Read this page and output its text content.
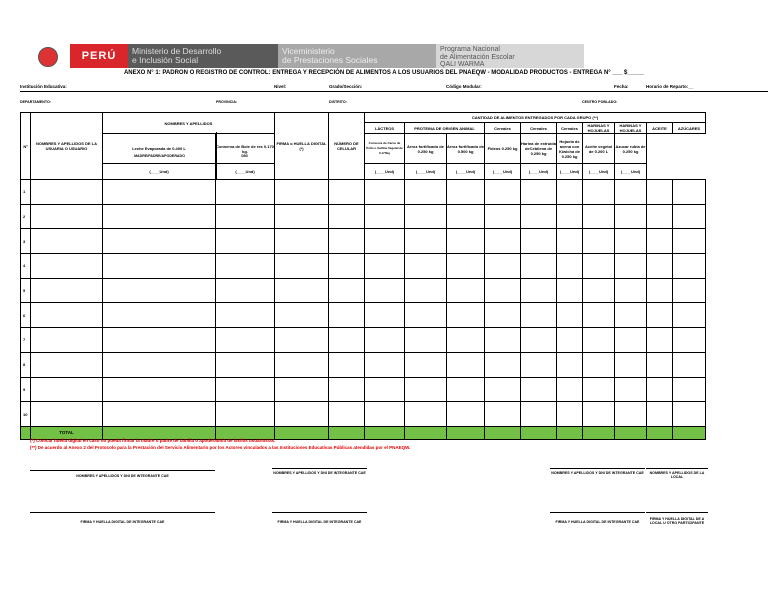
PERÚ	Ministerio de Desarrollo
e Inclusión Social
Viceministerio
de Prestaciones Sociales
Programa Nacional
de Alimentación Escolar
QALI WARMA
ANEXO N° 1: PADRON O REGISTRO DE CONTROL: ENTREGA Y RECEPCIÓN DE ALIMENTOS A LOS USUARIOS DEL PNAEQW - MODALIDAD PRODUCTOS - ENTREGA N° ___ $_____
Institución Educativa:	Nivel:	Grado/Sección:	Código Modular:	Fecha:	Horario de Reparto:__
DEPARTAMENTO:	PROVINCIA:	DISTRITO:	CENTRO POBLADO:
Nº	NOMBRES Y APELLIDOS DE LA USUARIA O USUARIO	NOMBRES Y APELLIDOS		FIRMA o HUELLA DIGITAL (*)	NÚMERO DE CELULAR	CANTIDAD DE ALIMENTOS ENTREGADOS POR CADA GRUPO (**)									
						LÁCTEOS	PROTEINA DE ORIGEN ANIMAL		Cereales	Cereales	Cereales	HARINAS Y HOJUELAS	HARINAS Y HOJUELAS	ACEITE	AZÚCARES
		Leche Evaporada de 0.400 L	Conserva de Bole de res 0.170 kg.			Conserva de Carne de Pollo o Gallina Vegetal de 0.170kg	Arroz fortificado de 0.250 kg	Arroz fortificado de 0.500 kg	Fideos 0.250 kg	Harina de extruída deCebilena de 0.250 kg	Hojuela de avena con Kiwicha de 0.250 kg	Aceite vegetal de 0.200 L	Azucar rubia de 0.250 kg		
		(____Und)	(____Und)			(____Und)	(____Und)	(____Und)	(____Und)	(____Und)	(____Und)	(____Und)	(____Und)		
1															
2															
3															
4															
5															
6															
7															
8															
9															
10															
	TOTAL														
MADRE/PADRE/APODERADO	DNI
(*) Colocar huella digital en caso no pueda firmar la madre o padre de familia o apoderado/a de las/los usuarios/as.
(**) De acuerdo al Anexo 2 del Protocolo para la Prestación del Servicio Alimentario por los Actores vinculados a las Instituciones Educativas Públicas atendidas por el PNAEQW.
NOMBRES Y APELLIDOS Y DNI DE INTEGRANTE CAE
NOMBRES Y APELLIDOS Y DNI DE INTEGRANTE CAE	NOMBRES Y APELLIDOS Y DNI DE INTEGRANTE CAE	NOMBRES Y APELLIDOS DE LA LOCAL
FIRMA Y HUELLA DIGITAL DE INTEGRANTE CAE	FIRMA Y HUELLA DIGITAL DE INTEGRANTE CAE	FIRMA Y HUELLA DIGITAL DE INTEGRANTE CAE
FIRMA Y HUELLA DIGITAL DE A LOCAL U OTRO PARTICIPANTE
